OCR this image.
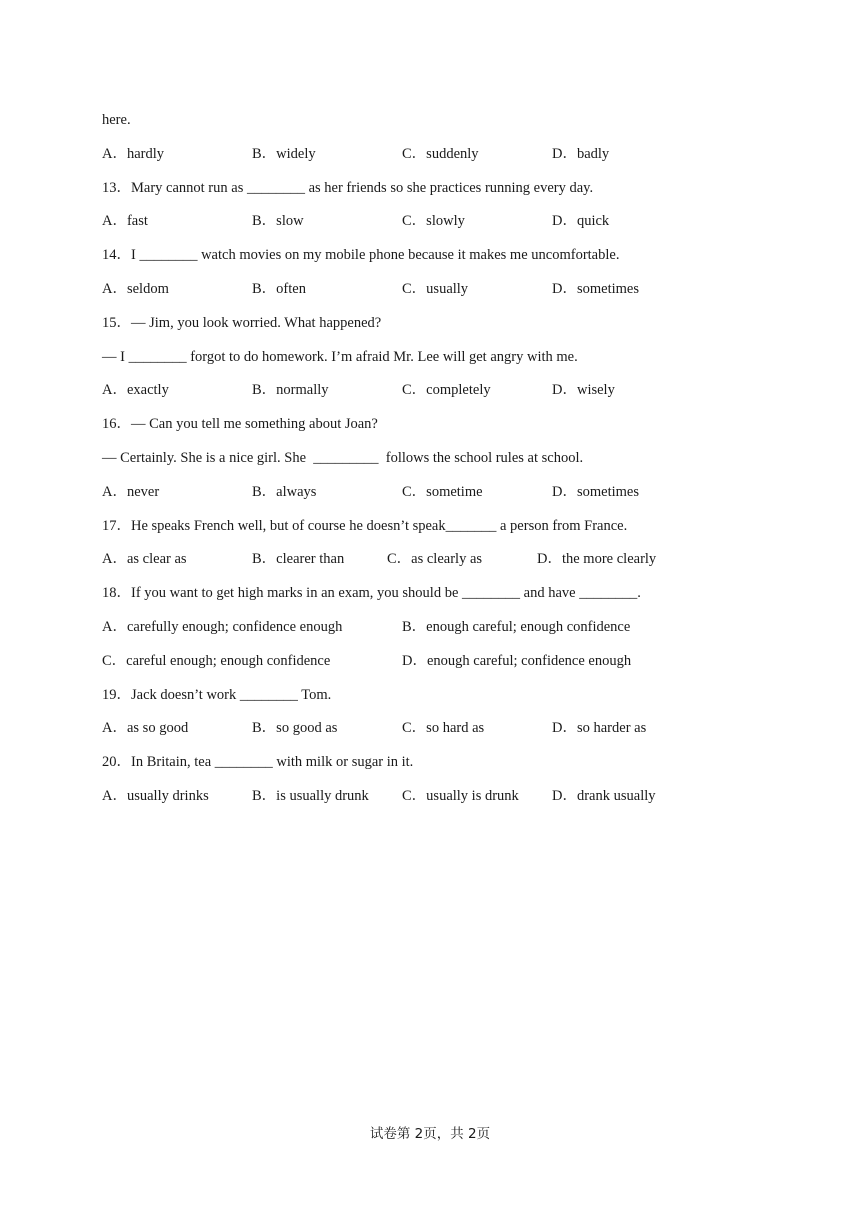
here.
A．hardly	B．widely	C．suddenly	D．badly
13．Mary cannot run as ________ as her friends so she practices running every day.
A．fast	B．slow	C．slowly	D．quick
14．I ________ watch movies on my mobile phone because it makes me uncomfortable.
A．seldom	B．often	C．usually	D．sometimes
15．— Jim, you look worried. What happened?
— I ________ forgot to do homework. I’m afraid Mr. Lee will get angry with me.
A．exactly	B．normally	C．completely	D．wisely
16．— Can you tell me something about Joan?
— Certainly. She is a nice girl. She  _________  follows the school rules at school.
A．never	B．always	C．sometime	D．sometimes
17．He speaks French well, but of course he doesn’t speak_______ a person from France.
A．as clear as	B．clearer than	C．as clearly as	D．the more clearly
18．If you want to get high marks in an exam, you should be ________ and have ________.
A．carefully enough; confidence enough	B．enough careful; enough confidence
C．careful enough; enough confidence	D．enough careful; confidence enough
19．Jack doesn’t work ________ Tom.
A．as so good	B．so good as	C．so hard as	D．so harder as
20．In Britain, tea ________ with milk or sugar in it.
A．usually drinks	B．is usually drunk C．usually is drunk D．drank usually
试卷第 2页，共 2页
